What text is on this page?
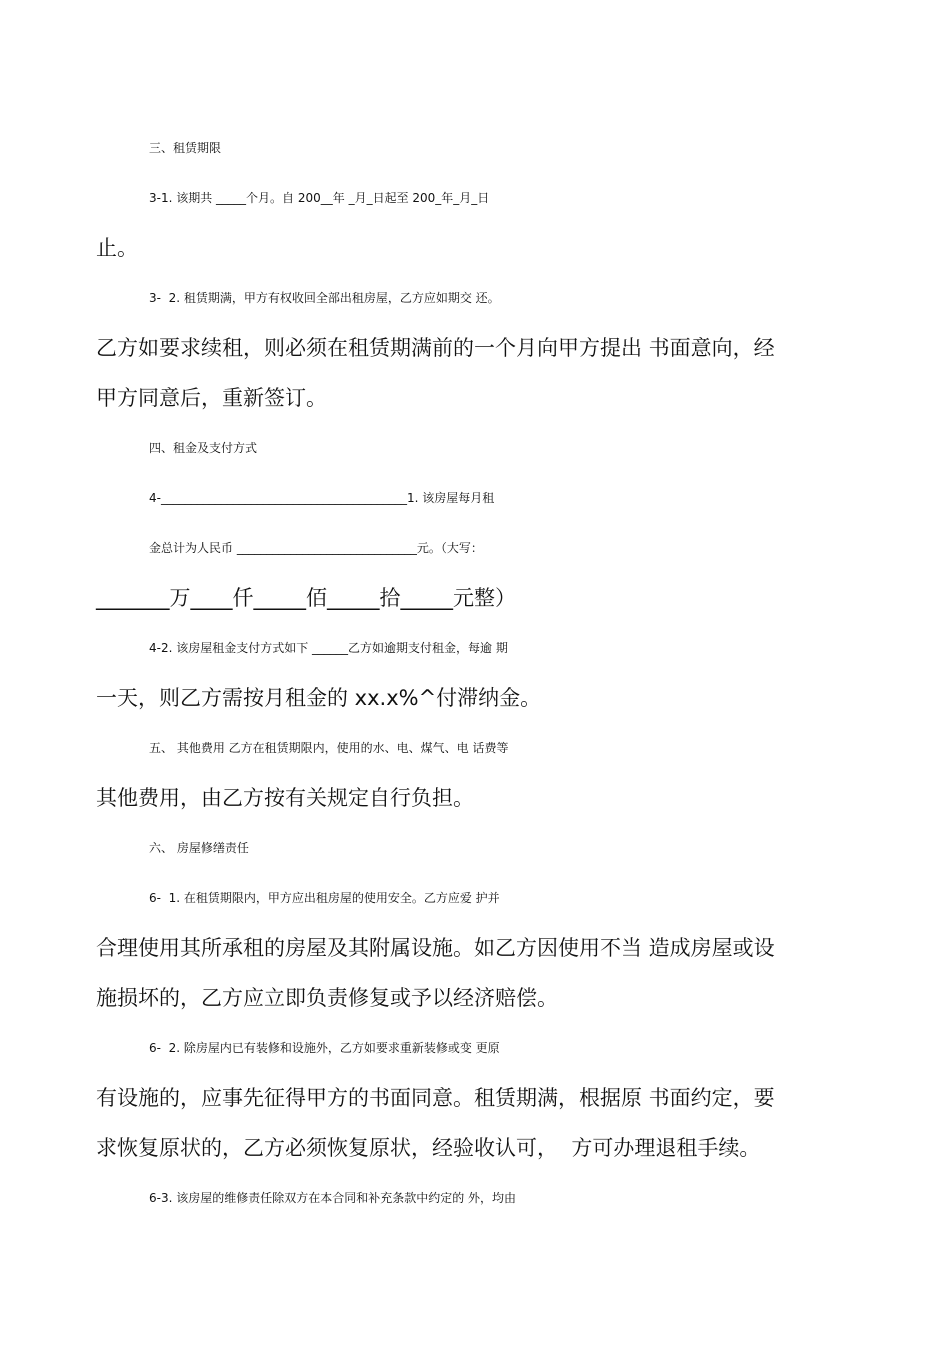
三、租赁期限
3-1. 该期共 _____个月。自 200__年 _月_日起至 200_年_月_日
止。
3-  2. 租赁期满，甲方有权收回全部出租房屋，乙方应如期交 还。
乙方如要求续租，则必须在租赁期满前的一个月向甲方提出 书面意向，经
甲方同意后，重新签订。
四、租金及支付方式
4-_________________________________________1. 该房屋每月租
金总计为人民币 ______________________________元。（大写：
_______万____仟_____佰_____拾_____元整）
4-2. 该房屋租金支付方式如下 ______乙方如逾期支付租金，每逾 期
一天，则乙方需按月租金的 xx.x%^付滞纳金。
五、 其他费用 乙方在租赁期限内，使用的水、电、煤气、电 话费等
其他费用，由乙方按有关规定自行负担。
六、 房屋修缮责任
6-  1. 在租赁期限内，甲方应出租房屋的使用安全。乙方应爱 护并
合理使用其所承租的房屋及其附属设施。如乙方因使用不当 造成房屋或设
施损坏的，乙方应立即负责修复或予以经济赔偿。
6-  2. 除房屋内已有装修和设施外，乙方如要求重新装修或变 更原
有设施的，应事先征得甲方的书面同意。租赁期满，根据原 书面约定，要
求恢复原状的，乙方必须恢复原状，经验收认可，  方可办理退租手续。
6-3. 该房屋的维修责任除双方在本合同和补充条款中约定的 外，均由
